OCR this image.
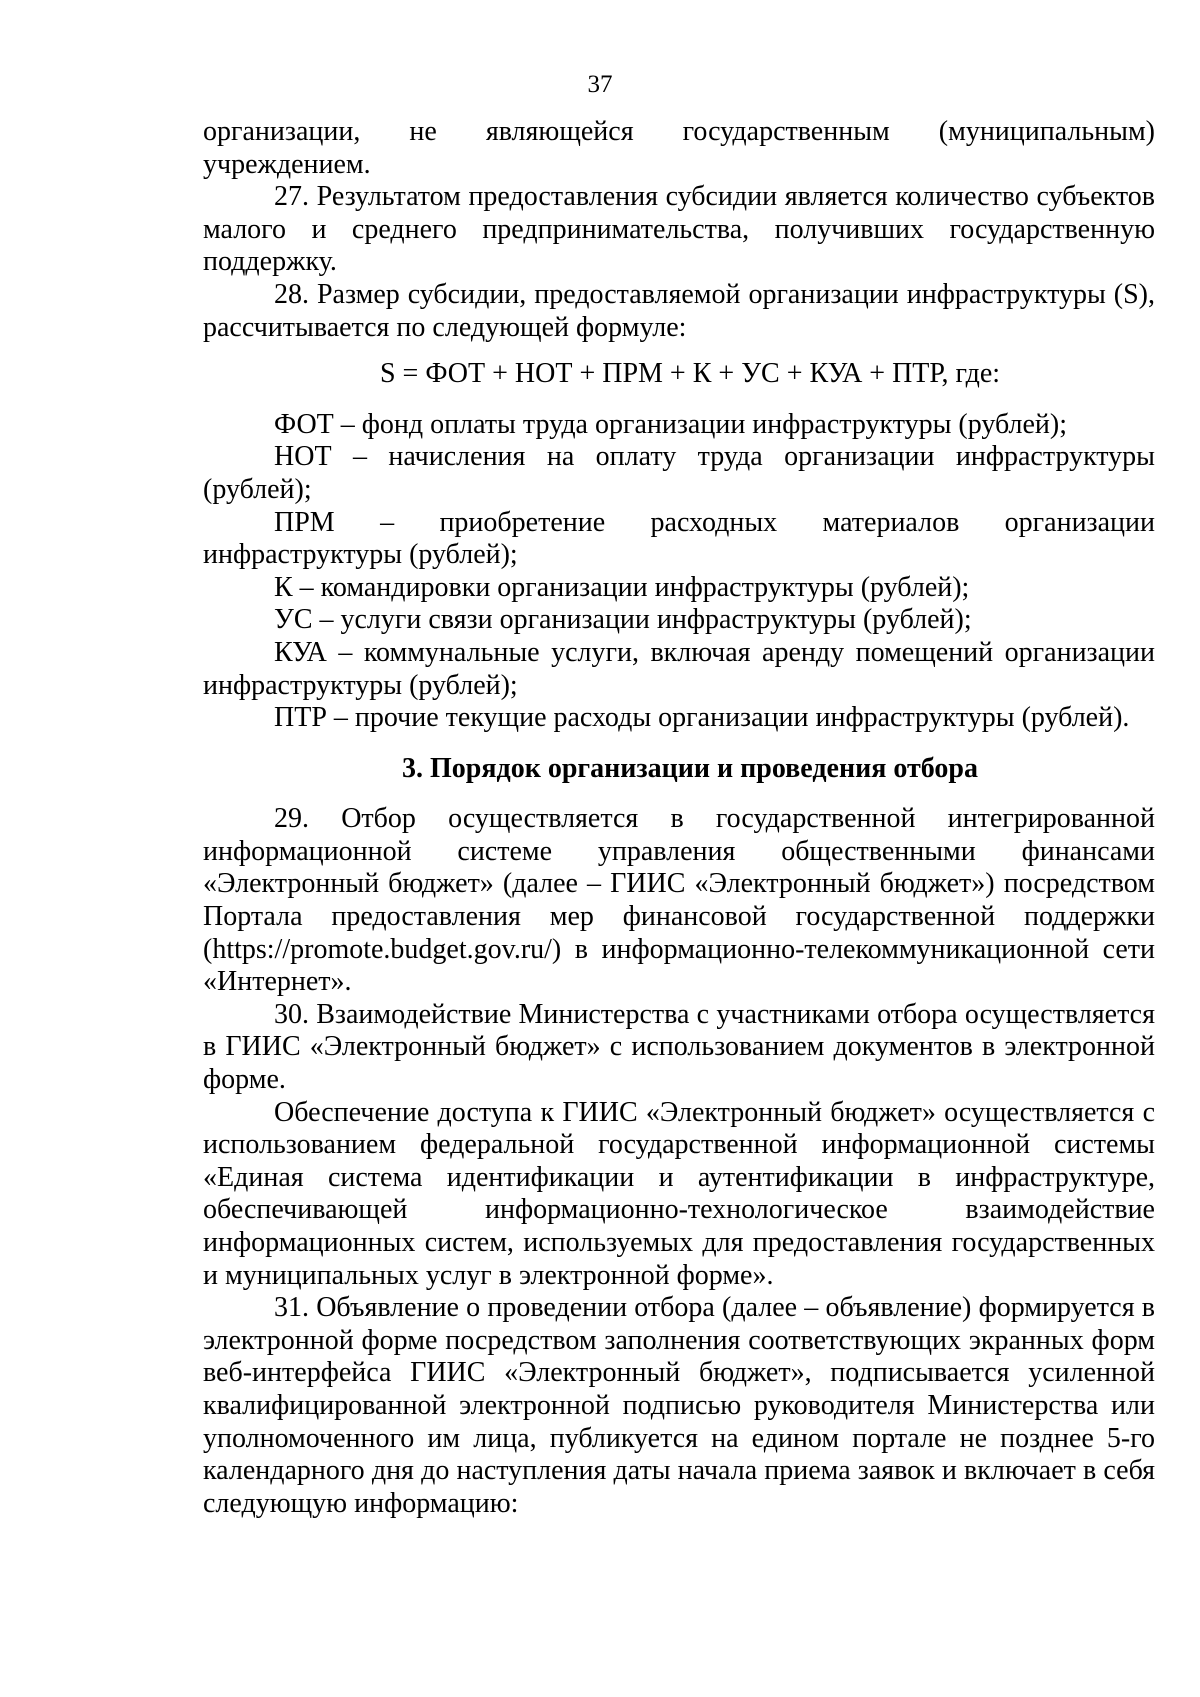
37

организации, не являющейся государственным (муниципальным) учреждением.

27. Результатом предоставления субсидии является количество субъектов малого и среднего предпринимательства, получивших государственную поддержку.

28. Размер субсидии, предоставляемой организации инфраструктуры (S), рассчитывается по следующей формуле:

S = ФОТ + НОТ + ПРМ + К + УС + КУА + ПТР, где:

ФОТ – фонд оплаты труда организации инфраструктуры (рублей);

НОТ – начисления на оплату труда организации инфраструктуры (рублей);

ПРМ – приобретение расходных материалов организации инфраструктуры (рублей);

К – командировки организации инфраструктуры (рублей);

УС – услуги связи организации инфраструктуры (рублей);

КУА – коммунальные услуги, включая аренду помещений организации инфраструктуры (рублей);

ПТР – прочие текущие расходы организации инфраструктуры (рублей).

3. Порядок организации и проведения отбора

29. Отбор осуществляется в государственной интегрированной информационной системе управления общественными финансами «Электронный бюджет» (далее – ГИИС «Электронный бюджет») посредством Портала предоставления мер финансовой государственной поддержки (https://promote.budget.gov.ru/) в информационно-телекоммуникационной сети «Интернет».

30. Взаимодействие Министерства с участниками отбора осуществляется в ГИИС «Электронный бюджет» с использованием документов в электронной форме.

Обеспечение доступа к ГИИС «Электронный бюджет» осуществляется с использованием федеральной государственной информационной системы «Единая система идентификации и аутентификации в инфраструктуре, обеспечивающей информационно-технологическое взаимодействие информационных систем, используемых для предоставления государственных и муниципальных услуг в электронной форме».

31. Объявление о проведении отбора (далее – объявление) формируется в электронной форме посредством заполнения соответствующих экранных форм веб-интерфейса ГИИС «Электронный бюджет», подписывается усиленной квалифицированной электронной подписью руководителя Министерства или уполномоченного им лица, публикуется на едином портале не позднее 5-го календарного дня до наступления даты начала приема заявок и включает в себя следующую информацию:
